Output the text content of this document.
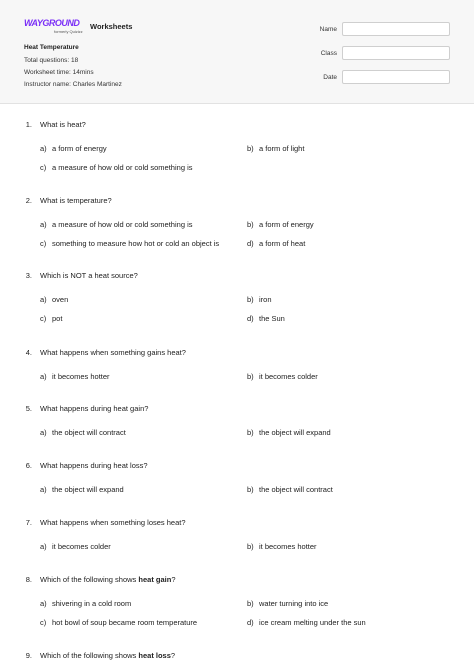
WAYGROUND
formerly Quizizz
Worksheets
Heat Temperature
Total questions: 18
Worksheet time: 14mins
Instructor name: Charles Martinez
Name
Class
Date
1. What is heat?
a) a form of energy	b) a form of light
c) a measure of how old or cold something is
2. What is temperature?
a) a measure of how old or cold something is	b) a form of energy
c) something to measure how hot or cold an object is	d) a form of heat
3. Which is NOT a heat source?
a) oven	b) iron
c) pot	d) the Sun
4. What happens when something gains heat?
a) it becomes hotter	b) it becomes colder
5. What happens during heat gain?
a) the object will contract	b) the object will expand
6. What happens during heat loss?
a) the object will expand	b) the object will contract
7. What happens when something loses heat?
a) it becomes colder	b) it becomes hotter
8. Which of the following shows heat gain?
a) shivering in a cold room	b) water turning into ice
c) hot bowl of soup became room temperature	d) ice cream melting under the sun
9. Which of the following shows heat loss?
